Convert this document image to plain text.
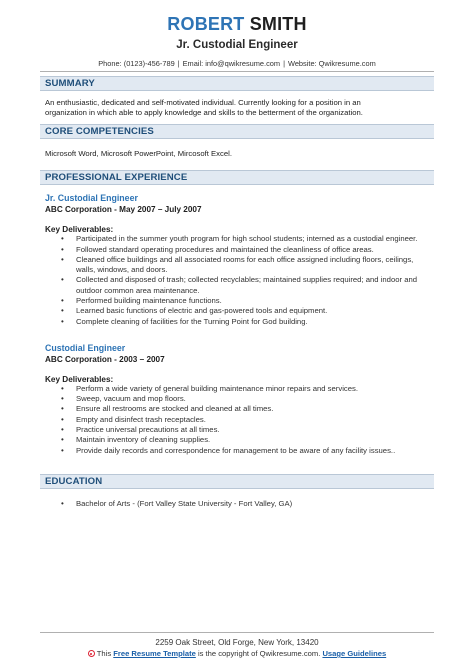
ROBERT SMITH
Jr. Custodial Engineer
Phone: (0123)-456-789 | Email: info@qwikresume.com | Website: Qwikresume.com
SUMMARY
An enthusiastic, dedicated and self-motivated individual. Currently looking for a position in an
organization in which able to apply knowledge and skills to the betterment of the organization.
CORE COMPETENCIES
Microsoft Word, Microsoft PowerPoint, Mircosoft Excel.
PROFESSIONAL EXPERIENCE
Jr. Custodial Engineer
ABC Corporation - May 2007 – July 2007
Key Deliverables:
• Participated in the summer youth program for high school students; interned as a custodial engineer.
• Followed standard operating procedures and maintained the cleanliness of office areas.
• Cleaned office buildings and all associated rooms for each office assigned including floors, ceilings, walls, windows, and doors.
• Collected and disposed of trash; collected recyclables; maintained supplies required; and indoor and outdoor common area maintenance.
• Performed building maintenance functions.
• Learned basic functions of electric and gas-powered tools and equipment.
• Complete cleaning of facilities for the Turning Point for God building.
Custodial Engineer
ABC Corporation - 2003 – 2007
Key Deliverables:
• Perform a wide variety of general building maintenance minor repairs and services.
• Sweep, vacuum and mop floors.
• Ensure all restrooms are stocked and cleaned at all times.
• Empty and disinfect trash receptacles.
• Practice universal precautions at all times.
• Maintain inventory of cleaning supplies.
• Provide daily records and correspondence for management to be aware of any facility issues..
EDUCATION
• Bachelor of Arts - (Fort Valley State University - Fort Valley, GA)
2259 Oak Street, Old Forge, New York, 13420
This Free Resume Template is the copyright of Qwikresume.com. Usage Guidelines
